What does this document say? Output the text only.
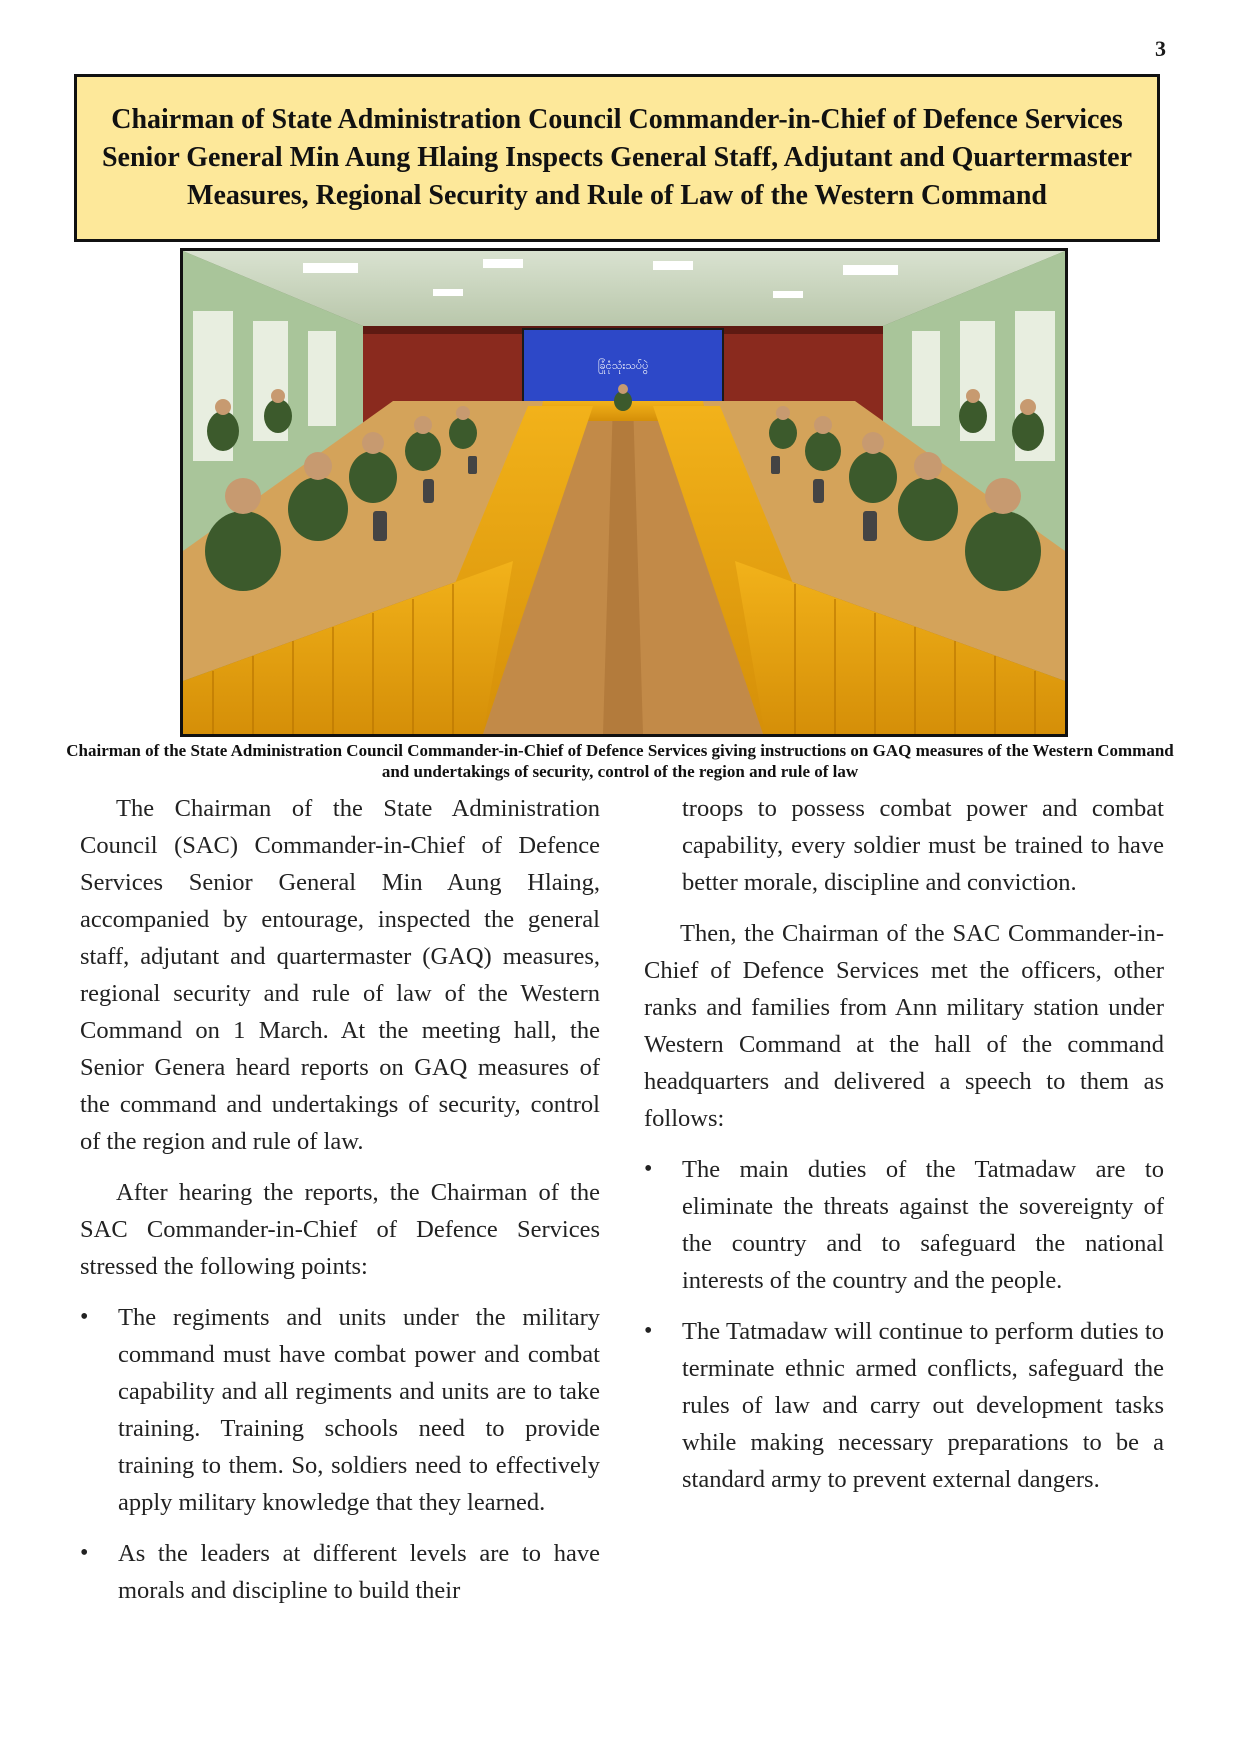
3
Chairman of State Administration Council Commander-in-Chief of Defence Services Senior General Min Aung Hlaing Inspects General Staff, Adjutant and Quartermaster Measures, Regional Security and Rule of Law of the Western Command
ခြုံငုံသုံးသပ်ပွဲ
Chairman of the State Administration Council Commander-in-Chief of Defence Services giving instructions on GAQ measures of the Western Command and undertakings of security, control of the region and rule of law

The Chairman of the State Administration Council (SAC) Commander-in-Chief of Defence Services Senior General Min Aung Hlaing, accompanied by entourage, inspected the general staff, adjutant and quartermaster (GAQ) measures, regional security and rule of law of the Western Command on 1 March. At the meeting hall, the Senior Genera heard reports on GAQ measures of the command and undertakings of security, control of the region and rule of law.

After hearing the reports, the Chairman of the SAC Commander-in-Chief of Defence Services stressed the following points:

• The regiments and units under the military command must have combat power and combat capability and all regiments and units are to take training. Training schools need to provide training to them. So, soldiers need to effectively apply military knowledge that they learned.
• As the leaders at different levels are to have morals and discipline to build their

troops to possess combat power and combat capability, every soldier must be trained to have better morale, discipline and conviction.

Then, the Chairman of the SAC Commander-in-Chief of Defence Services met the officers, other ranks and families from Ann military station under Western Command at the hall of the command headquarters and delivered a speech to them as follows:

• The main duties of the Tatmadaw are to eliminate the threats against the sovereignty of the country and to safeguard the national interests of the country and the people.
• The Tatmadaw will continue to perform duties to terminate ethnic armed conflicts, safeguard the rules of law and carry out development tasks while making necessary preparations to be a standard army to prevent external dangers.
